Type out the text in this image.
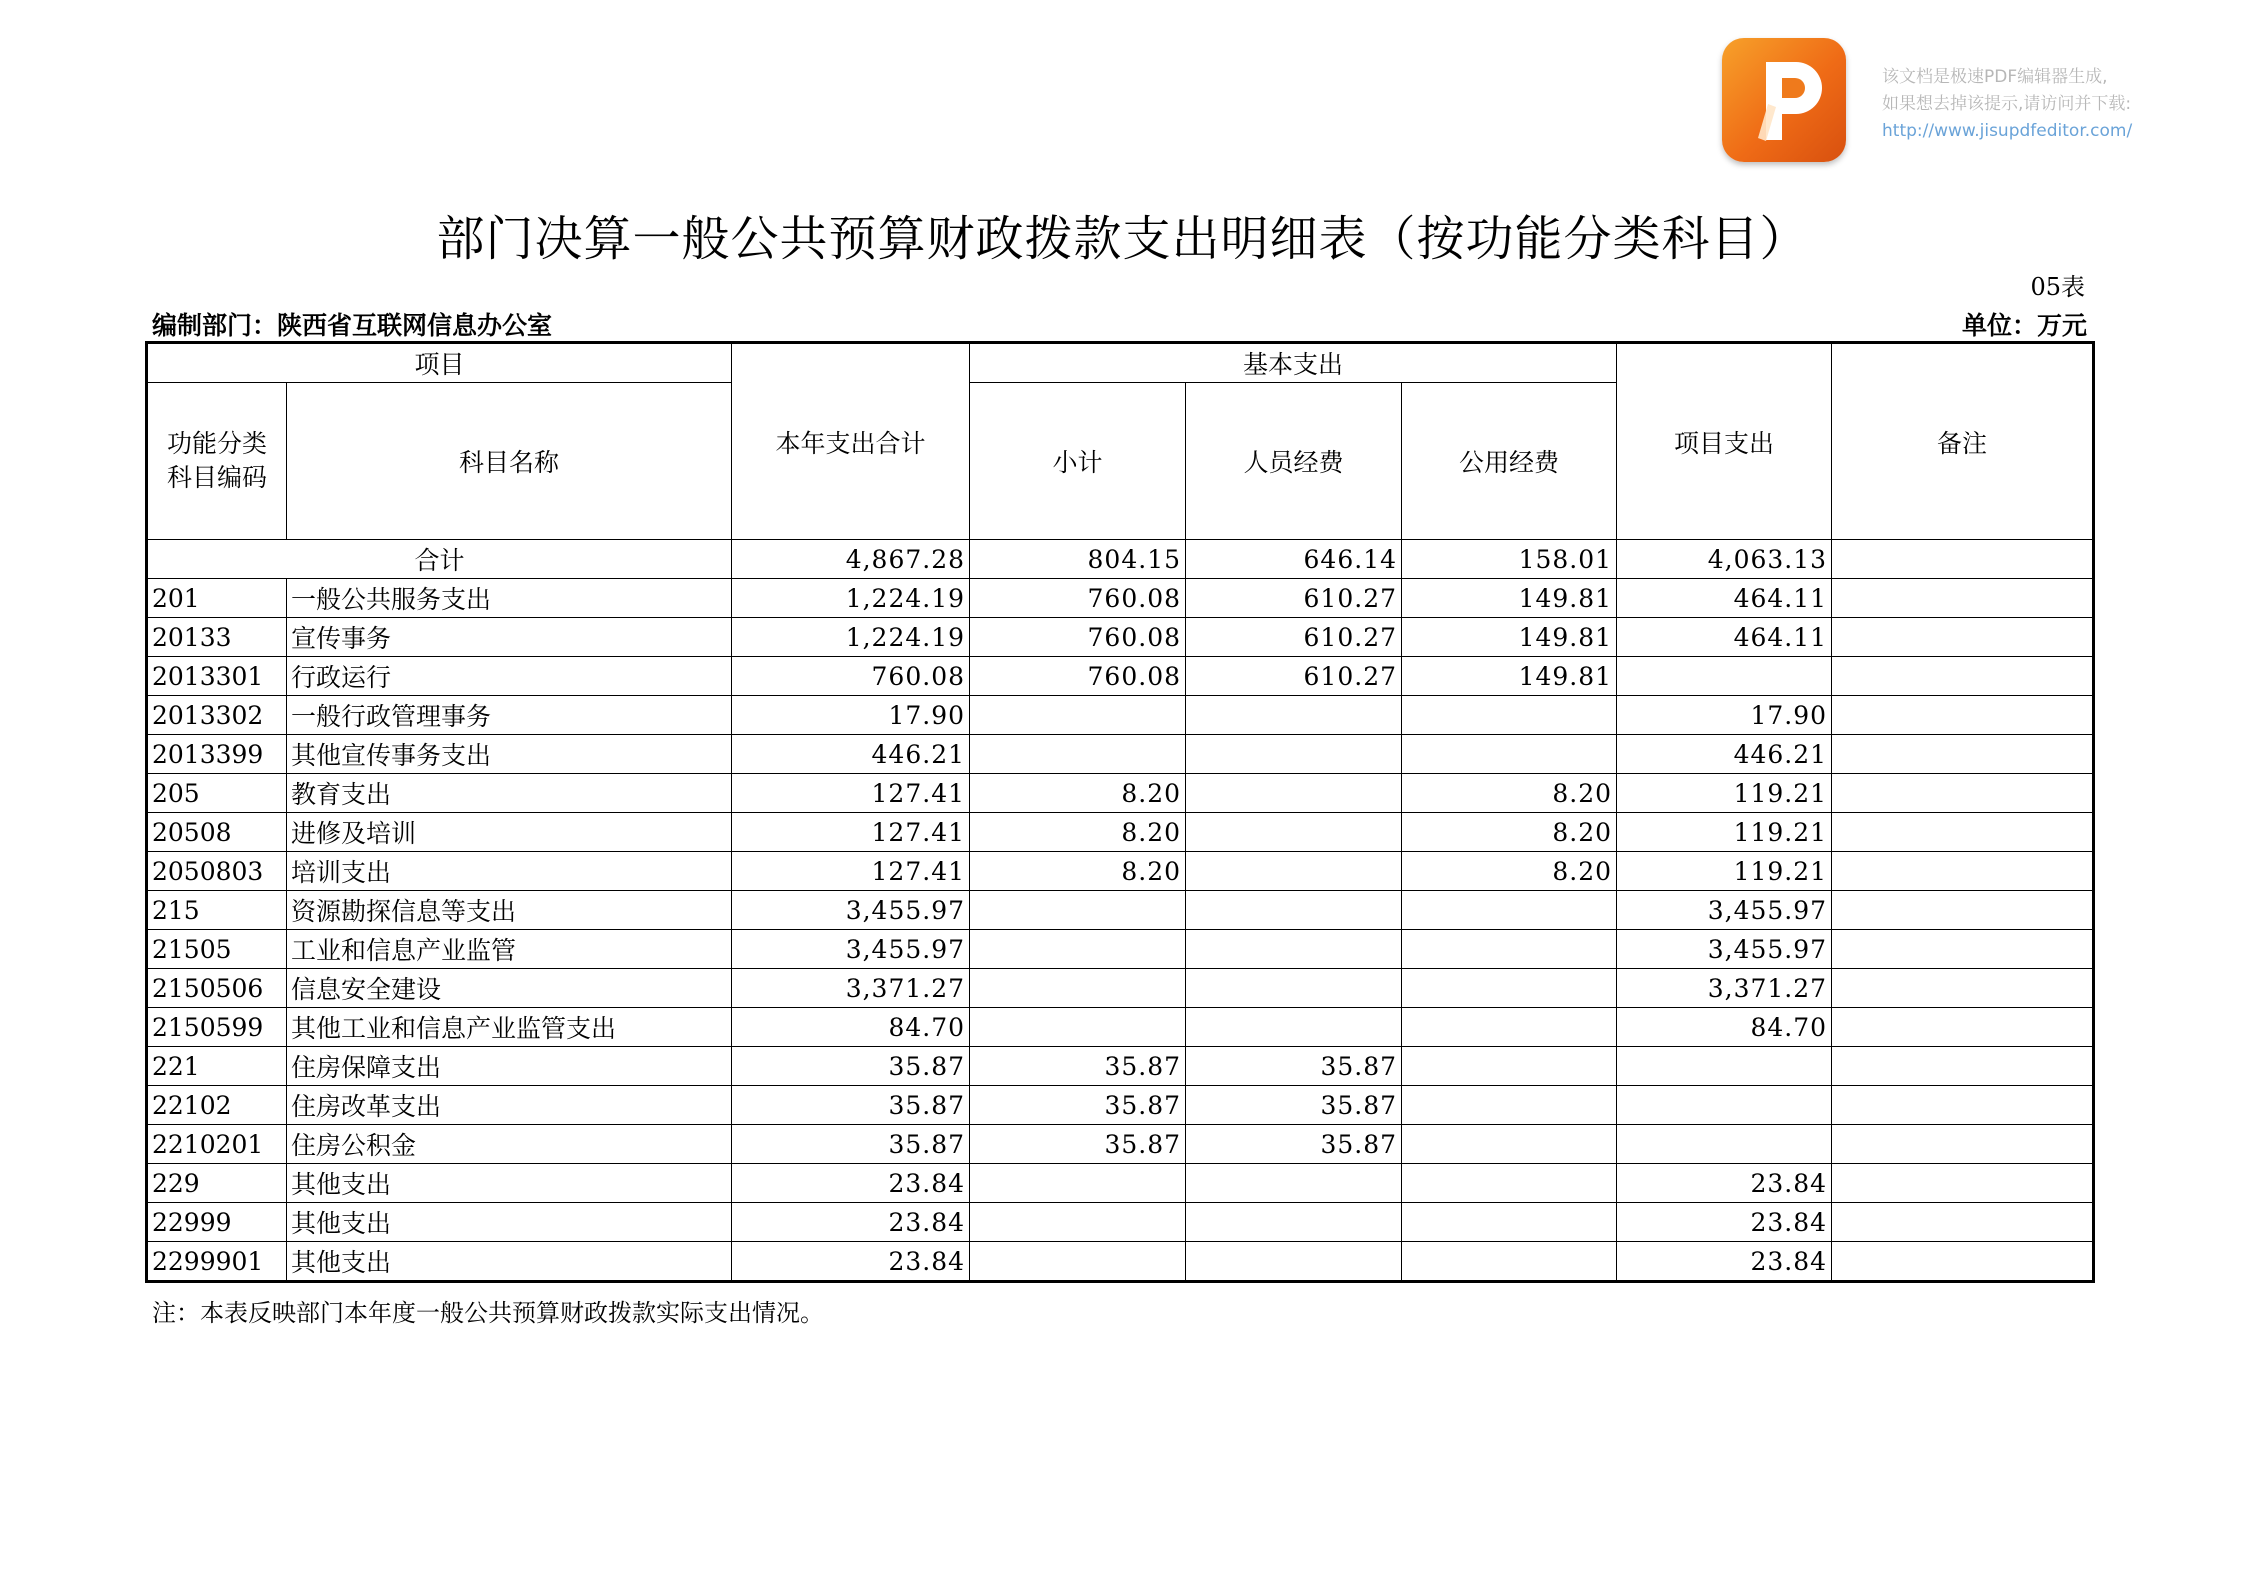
该文档是极速PDF编辑器生成,
如果想去掉该提示,请访问并下载:
http://www.jisupdfeditor.com/
部门决算一般公共预算财政拨款支出明细表（按功能分类科目）
05表
编制部门：陕西省互联网信息办公室	单位：万元
项目		本年支出合计	基本支出			项目支出	备注

功能分类
科目编码	科目名称		小计	人员经费	公用经费		
合计		4,867.28	804.15	646.14	158.01	4,063.13	
201	一般公共服务支出	1,224.19	760.08	610.27	149.81	464.11	
20133	宣传事务	1,224.19	760.08	610.27	149.81	464.11	
2013301	行政运行	760.08	760.08	610.27	149.81		
2013302	一般行政管理事务	17.90				17.90	
2013399	其他宣传事务支出	446.21				446.21	
205	教育支出	127.41	8.20		8.20	119.21	
20508	进修及培训	127.41	8.20		8.20	119.21	
2050803	培训支出	127.41	8.20		8.20	119.21	
215	资源勘探信息等支出	3,455.97				3,455.97	
21505	工业和信息产业监管	3,455.97				3,455.97	
2150506	信息安全建设	3,371.27				3,371.27	
2150599	其他工业和信息产业监管支出	84.70				84.70	
221	住房保障支出	35.87	35.87	35.87			
22102	住房改革支出	35.87	35.87	35.87			
2210201	住房公积金	35.87	35.87	35.87			
229	其他支出	23.84				23.84	
22999	其他支出	23.84				23.84	
2299901	其他支出	23.84				23.84	
注：本表反映部门本年度一般公共预算财政拨款实际支出情况。
